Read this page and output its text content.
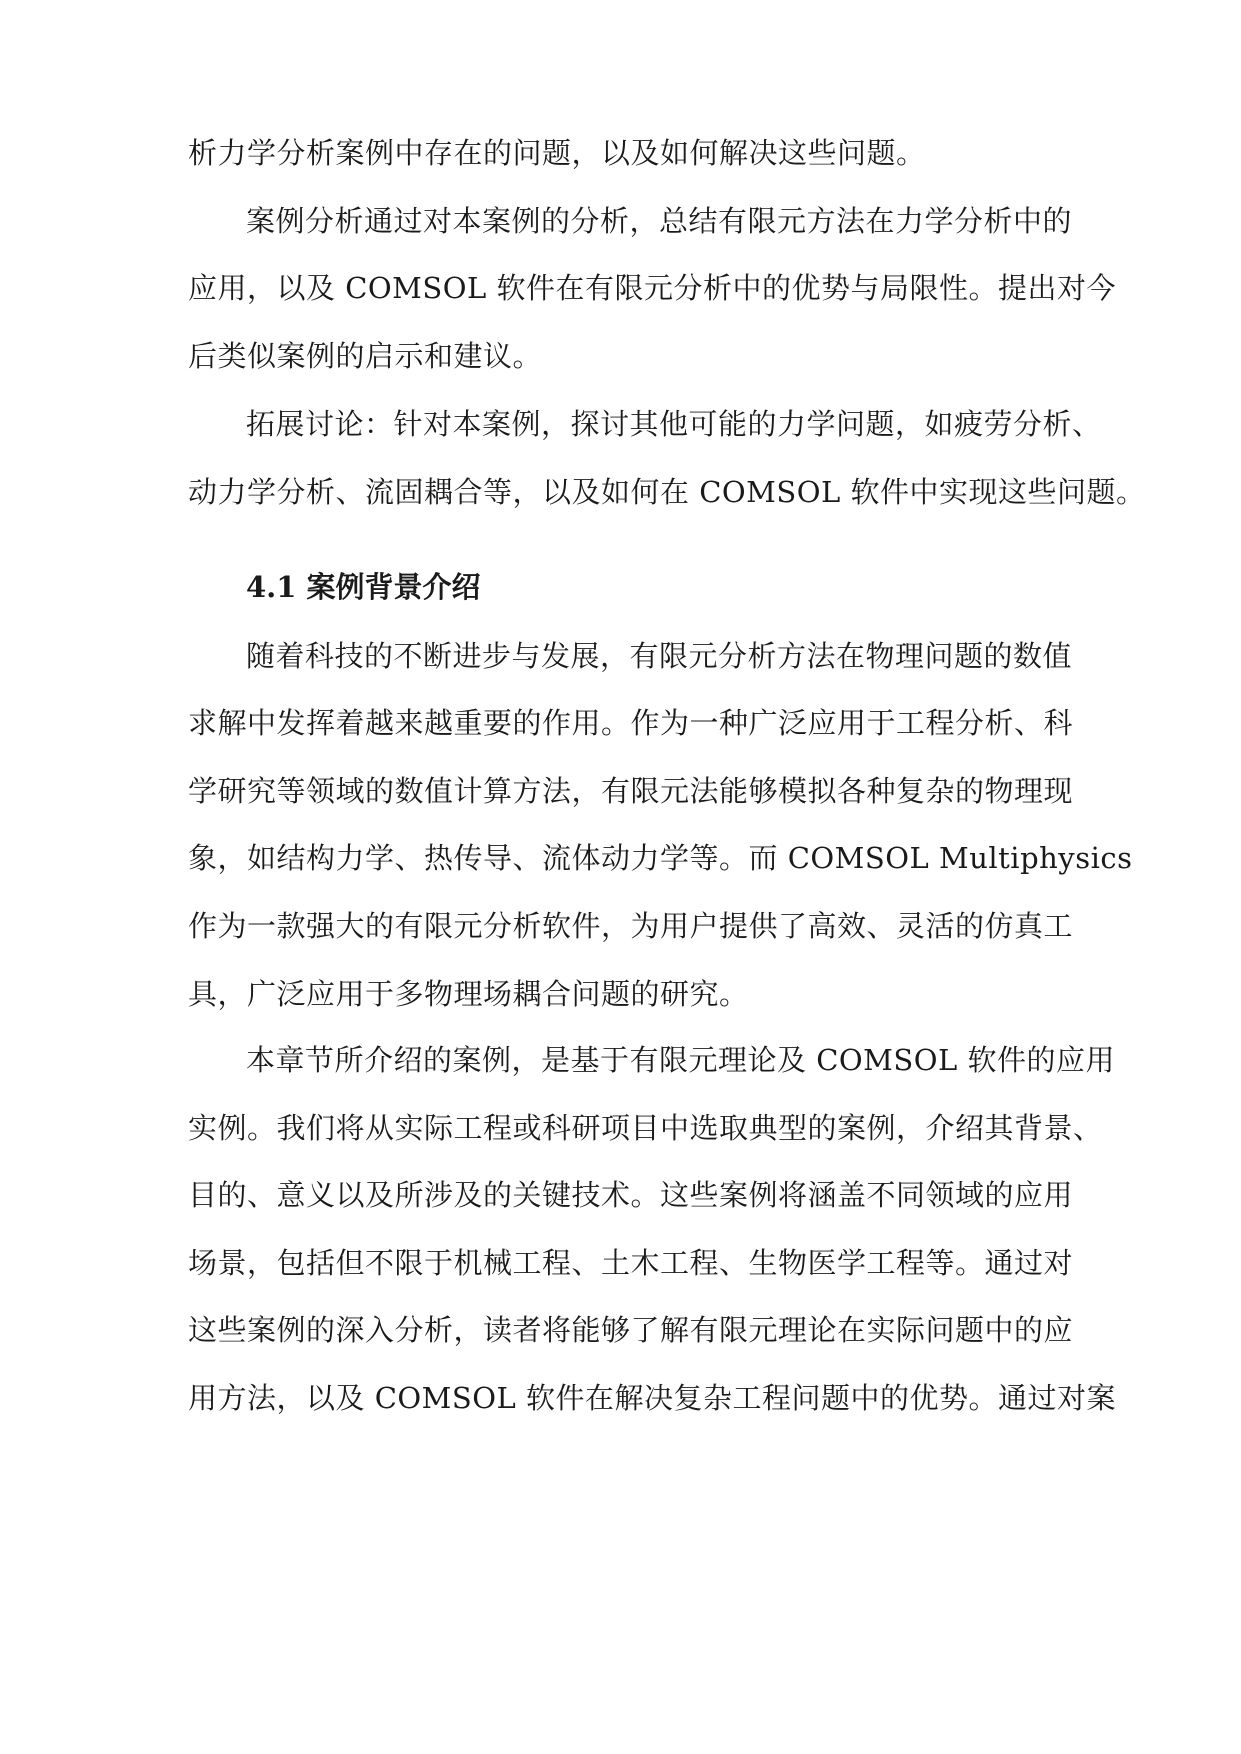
析力学分析案例中存在的问题，以及如何解决这些问题。
案例分析通过对本案例的分析，总结有限元方法在力学分析中的
应用，以及 COMSOL 软件在有限元分析中的优势与局限性。提出对今
后类似案例的启示和建议。
拓展讨论：针对本案例，探讨其他可能的力学问题，如疲劳分析、
动力学分析、流固耦合等，以及如何在 COMSOL 软件中实现这些问题。
4.1 案例背景介绍
随着科技的不断进步与发展，有限元分析方法在物理问题的数值
求解中发挥着越来越重要的作用。作为一种广泛应用于工程分析、科
学研究等领域的数值计算方法，有限元法能够模拟各种复杂的物理现
象，如结构力学、热传导、流体动力学等。而 COMSOL Multiphysics
作为一款强大的有限元分析软件，为用户提供了高效、灵活的仿真工
具，广泛应用于多物理场耦合问题的研究。
本章节所介绍的案例，是基于有限元理论及 COMSOL 软件的应用
实例。我们将从实际工程或科研项目中选取典型的案例，介绍其背景、
目的、意义以及所涉及的关键技术。这些案例将涵盖不同领域的应用
场景，包括但不限于机械工程、土木工程、生物医学工程等。通过对
这些案例的深入分析，读者将能够了解有限元理论在实际问题中的应
用方法，以及 COMSOL 软件在解决复杂工程问题中的优势。通过对案
